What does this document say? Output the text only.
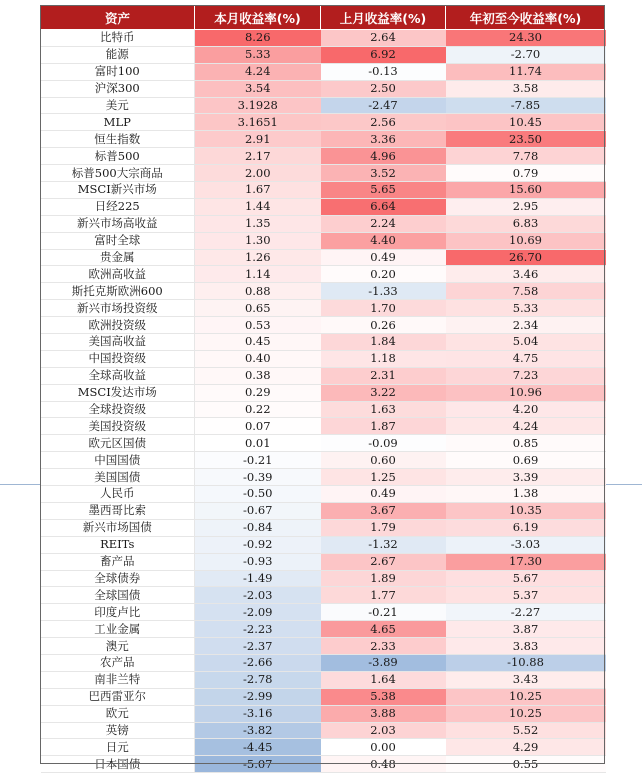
资产	本月收益率(%)	上月收益率(%)	年初至今收益率(%)
比特币	8.26	2.64	24.30
能源	5.33	6.92	-2.70
富时100	4.24	-0.13	11.74
沪深300	3.54	2.50	3.58
美元	3.1928	-2.47	-7.85
MLP	3.1651	2.56	10.45
恒生指数	2.91	3.36	23.50
标普500	2.17	4.96	7.78
标普500大宗商品	2.00	3.52	0.79
MSCI新兴市场	1.67	5.65	15.60
日经225	1.44	6.64	2.95
新兴市场高收益	1.35	2.24	6.83
富时全球	1.30	4.40	10.69
贵金属	1.26	0.49	26.70
欧洲高收益	1.14	0.20	3.46
斯托克斯欧洲600	0.88	-1.33	7.58
新兴市场投资级	0.65	1.70	5.33
欧洲投资级	0.53	0.26	2.34
美国高收益	0.45	1.84	5.04
中国投资级	0.40	1.18	4.75
全球高收益	0.38	2.31	7.23
MSCI发达市场	0.29	3.22	10.96
全球投资级	0.22	1.63	4.20
美国投资级	0.07	1.87	4.24
欧元区国债	0.01	-0.09	0.85
中国国债	-0.21	0.60	0.69
美国国债	-0.39	1.25	3.39
人民币	-0.50	0.49	1.38
墨西哥比索	-0.67	3.67	10.35
新兴市场国债	-0.84	1.79	6.19
REITs	-0.92	-1.32	-3.03
畜产品	-0.93	2.67	17.30
全球债券	-1.49	1.89	5.67
全球国债	-2.03	1.77	5.37
印度卢比	-2.09	-0.21	-2.27
工业金属	-2.23	4.65	3.87
澳元	-2.37	2.33	3.83
农产品	-2.66	-3.89	-10.88
南非兰特	-2.78	1.64	3.43
巴西雷亚尔	-2.99	5.38	10.25
欧元	-3.16	3.88	10.25
英镑	-3.82	2.03	5.52
日元	-4.45	0.00	4.29
日本国债	-5.07	0.48	0.55
